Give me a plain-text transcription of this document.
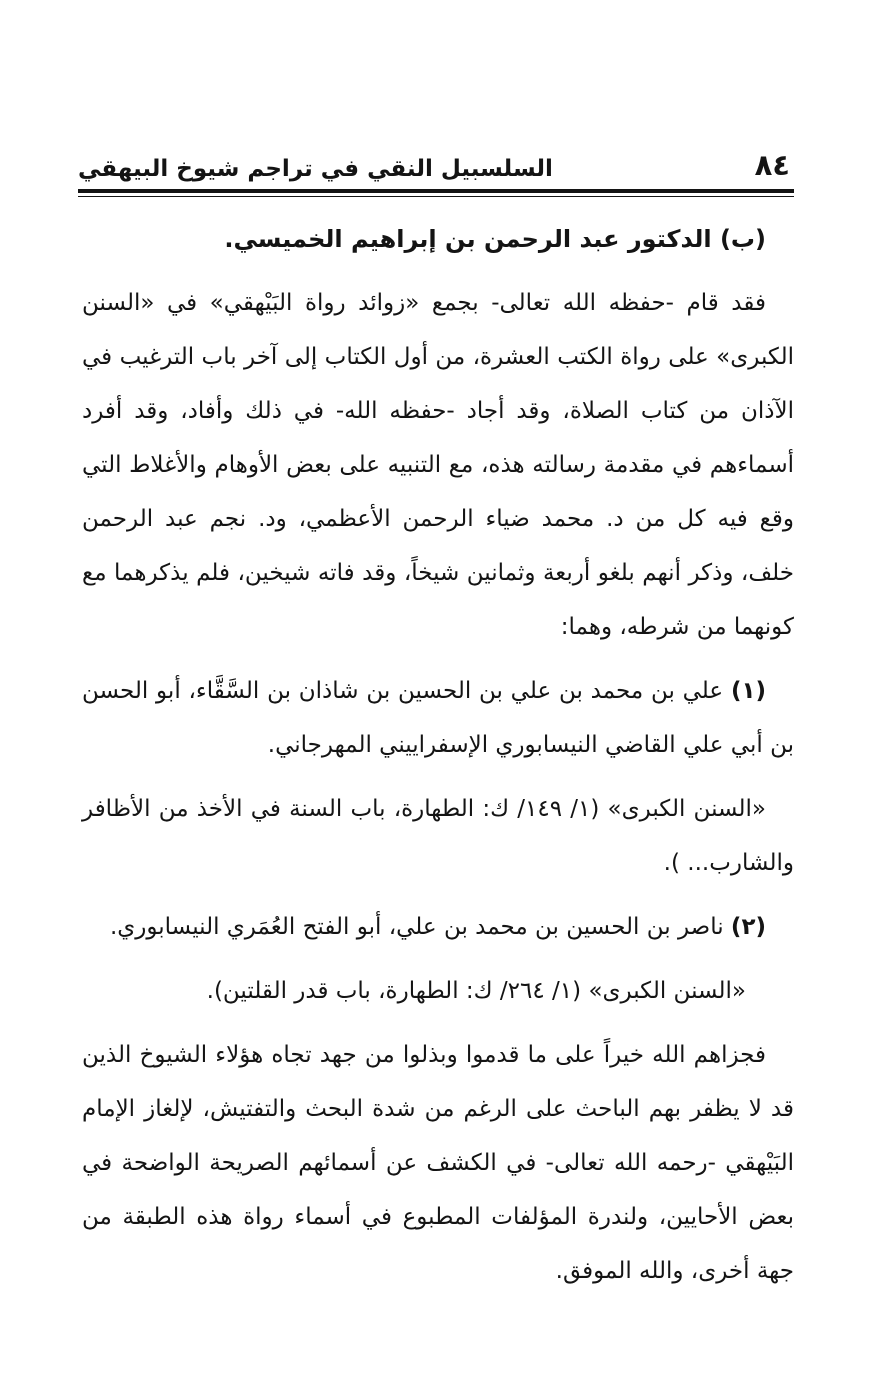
السلسبيل النقي في تراجم شيوخ البيهقي	٨٤

(ب) الدكتور عبد الرحمن بن إبراهيم الخميسي.

فقد قام -حفظه الله تعالى- بجمع «زوائد رواة البَيْهقي» في «السنن الكبرى» على رواة الكتب العشرة، من أول الكتاب إلى آخر باب الترغيب في الآذان من كتاب الصلاة، وقد أجاد -حفظه الله- في ذلك وأفاد، وقد أفرد أسماءهم في مقدمة رسالته هذه، مع التنبيه على بعض الأوهام والأغلاط التي وقع فيه كل من د. محمد ضياء الرحمن الأعظمي، ود. نجم عبد الرحمن خلف، وذكر أنهم بلغو أربعة وثمانين شيخاً، وقد فاته شيخين، فلم يذكرهما مع كونهما من شرطه، وهما:

(١) علي بن محمد بن علي بن الحسين بن شاذان بن السَّقَّاء، أبو الحسن بن أبي علي القاضي النيسابوري الإسفراييني المهرجاني.

«السنن الكبرى» (١/ ١٤٩/ ك: الطهارة، باب السنة في الأخذ من الأظافر والشارب... ).

(٢) ناصر بن الحسين بن محمد بن علي، أبو الفتح العُمَري النيسابوري.

«السنن الكبرى» (١/ ٢٦٤/ ك: الطهارة، باب قدر القلتين).

فجزاهم الله خيراً على ما قدموا وبذلوا من جهد تجاه هؤلاء الشيوخ الذين قد لا يظفر بهم الباحث على الرغم من شدة البحث والتفتيش، لإلغاز الإمام البَيْهقي -رحمه الله تعالى- في الكشف عن أسمائهم الصريحة الواضحة في بعض الأحايين، ولندرة المؤلفات المطبوع في أسماء رواة هذه الطبقة من جهة أخرى، والله الموفق.
